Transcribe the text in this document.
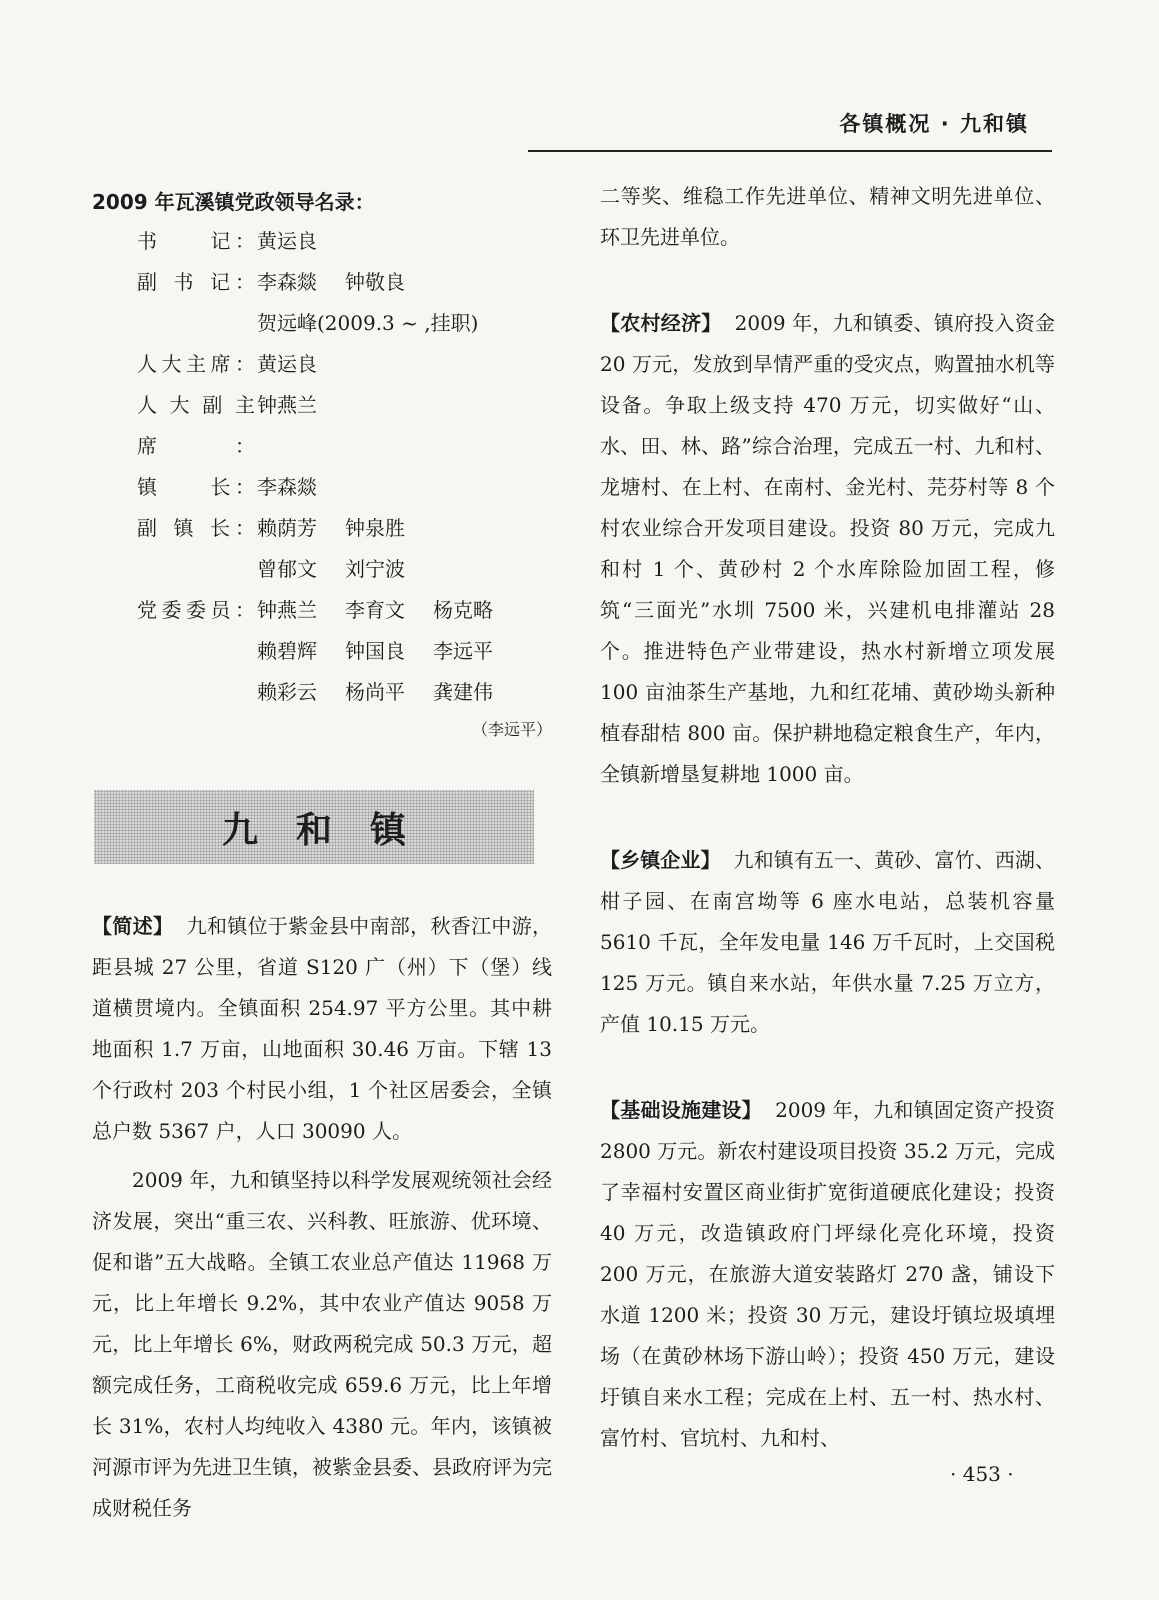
各镇概况 · 九和镇
2009 年瓦溪镇党政领导名录：
书　　记： 黄运良
副 书 记： 李森燚 钟敬良
贺远峰(2009.3 ~ ,挂职)
人大主席： 黄运良
人大副主席：
钟燕兰
镇　　长： 李森燚
副 镇 长： 赖荫芳 钟泉胜
曾郁文 刘宁波
党委委员： 钟燕兰 李育文 杨克略
赖碧辉 钟国良 李远平
赖彩云 杨尚平 龚建伟
（李远平）
九和镇

【简述】 九和镇位于紫金县中南部，秋香江中游，距县城 27 公里，省道 S120 广（州）下（堡）线道横贯境内。全镇面积 254.97 平方公里。其中耕地面积 1.7 万亩，山地面积 30.46 万亩。下辖 13 个行政村 203 个村民小组，1 个社区居委会，全镇总户数 5367 户，人口 30090 人。

2009 年，九和镇坚持以科学发展观统领社会经济发展，突出“重三农、兴科教、旺旅游、优环境、促和谐”五大战略。全镇工农业总产值达 11968 万元，比上年增长 9.2%，其中农业产值达 9058 万元，比上年增长 6%，财政两税完成 50.3 万元，超额完成任务，工商税收完成 659.6 万元，比上年增长 31%，农村人均纯收入 4380 元。年内，该镇被河源市评为先进卫生镇，被紫金县委、县政府评为完成财税任务

二等奖、维稳工作先进单位、精神文明先进单位、环卫先进单位。

【农村经济】 2009 年，九和镇委、镇府投入资金 20 万元，发放到旱情严重的受灾点，购置抽水机等设备。争取上级支持 470 万元，切实做好“山、水、田、林、路”综合治理，完成五一村、九和村、龙塘村、在上村、在南村、金光村、芫芬村等 8 个村农业综合开发项目建设。投资 80 万元，完成九和村 1 个、黄砂村 2 个水库除险加固工程，修筑“三面光”水圳 7500 米，兴建机电排灌站 28 个。推进特色产业带建设，热水村新增立项发展 100 亩油茶生产基地，九和红花埔、黄砂坳头新种植春甜桔 800 亩。保护耕地稳定粮食生产，年内，全镇新增垦复耕地 1000 亩。

【乡镇企业】 九和镇有五一、黄砂、富竹、西湖、柑子园、在南宫坳等 6 座水电站，总装机容量 5610 千瓦，全年发电量 146 万千瓦时，上交国税 125 万元。镇自来水站，年供水量 7.25 万立方，产值 10.15 万元。

【基础设施建设】 2009 年，九和镇固定资产投资 2800 万元。新农村建设项目投资 35.2 万元，完成了幸福村安置区商业街扩宽街道硬底化建设；投资 40 万元，改造镇政府门坪绿化亮化环境，投资 200 万元，在旅游大道安装路灯 270 盏，铺设下水道 1200 米；投资 30 万元，建设圩镇垃圾填埋场（在黄砂林场下游山岭）；投资 450 万元，建设圩镇自来水工程；完成在上村、五一村、热水村、富竹村、官坑村、九和村、

· 453 ·
